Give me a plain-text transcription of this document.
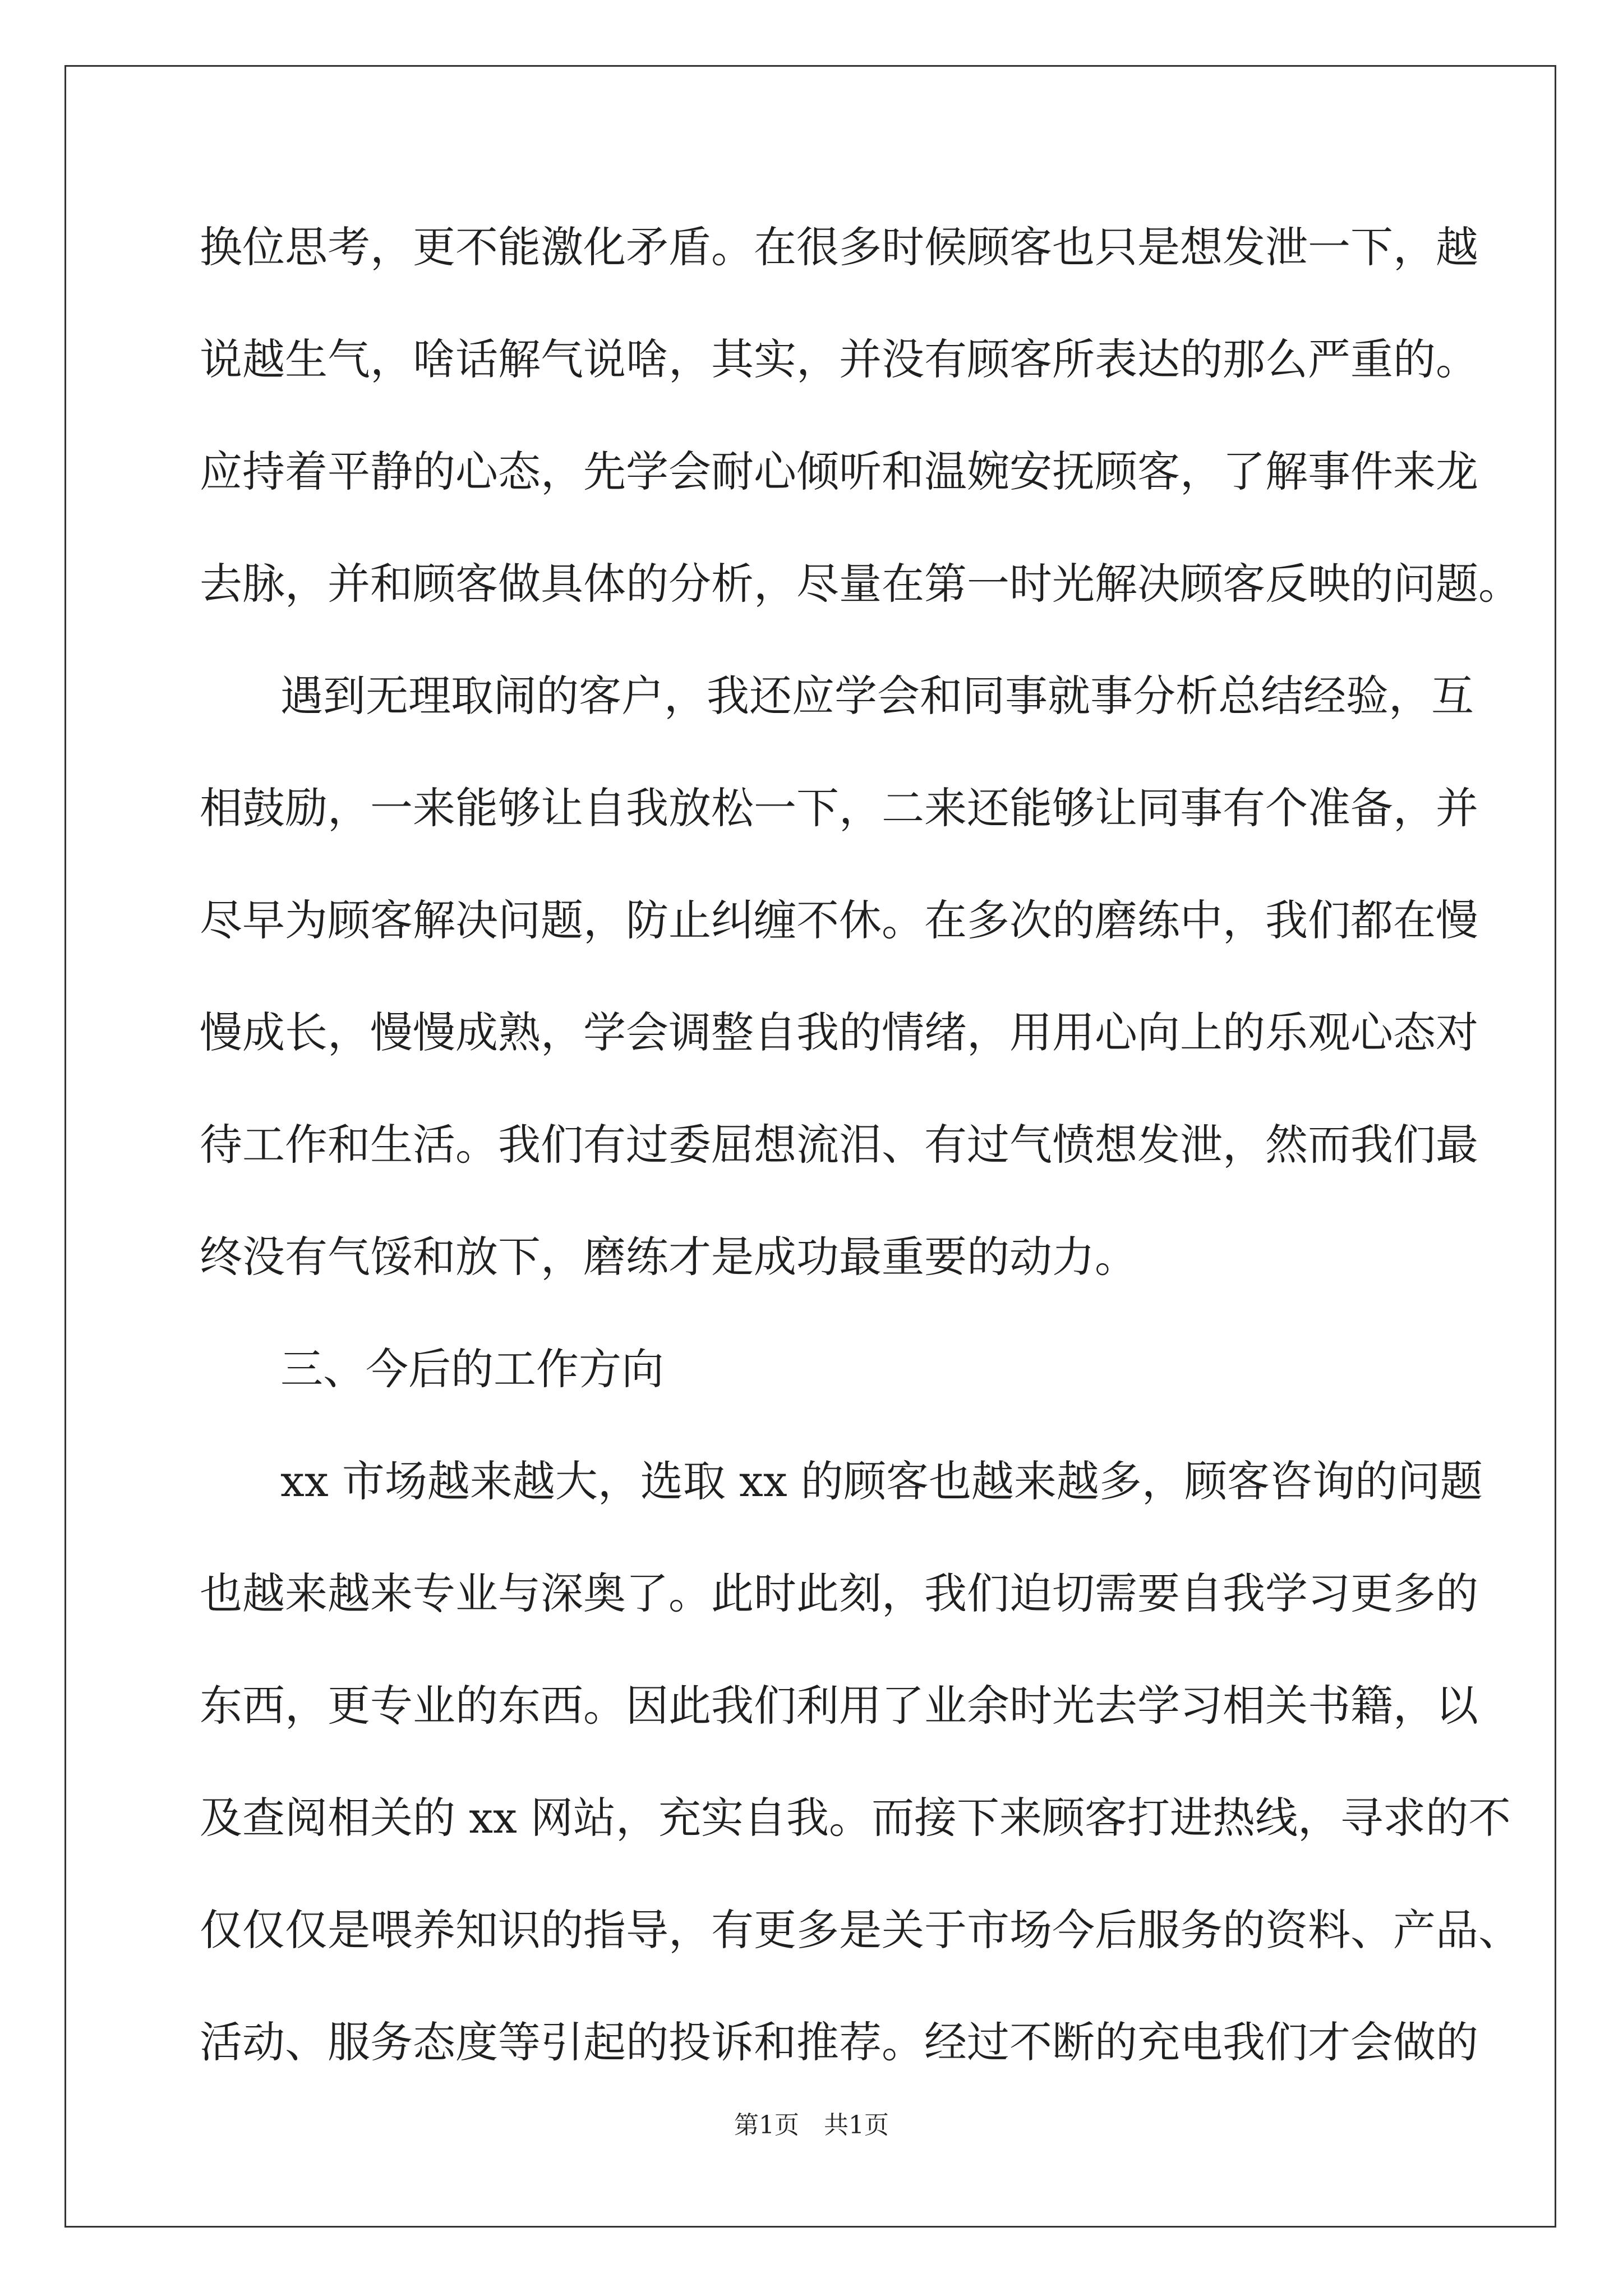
换位思考，更不能激化矛盾。在很多时候顾客也只是想发泄一下，越
说越生气，啥话解气说啥，其实，并没有顾客所表达的那么严重的。
应持着平静的心态，先学会耐心倾听和温婉安抚顾客，了解事件来龙
去脉，并和顾客做具体的分析，尽量在第一时光解决顾客反映的问题。
遇到无理取闹的客户，我还应学会和同事就事分析总结经验，互
相鼓励，一来能够让自我放松一下，二来还能够让同事有个准备，并
尽早为顾客解决问题，防止纠缠不休。在多次的磨练中，我们都在慢
慢成长，慢慢成熟，学会调整自我的情绪，用用心向上的乐观心态对
待工作和生活。我们有过委屈想流泪、有过气愤想发泄，然而我们最
终没有气馁和放下，磨练才是成功最重要的动力。
三、今后的工作方向
xx 市场越来越大，选取 xx 的顾客也越来越多，顾客咨询的问题
也越来越来专业与深奥了。此时此刻，我们迫切需要自我学习更多的
东西，更专业的东西。因此我们利用了业余时光去学习相关书籍，以
及查阅相关的 xx 网站，充实自我。而接下来顾客打进热线，寻求的不
仅仅仅是喂养知识的指导，有更多是关于市场今后服务的资料、产品、
活动、服务态度等引起的投诉和推荐。经过不断的充电我们才会做的
第1页　共1页
